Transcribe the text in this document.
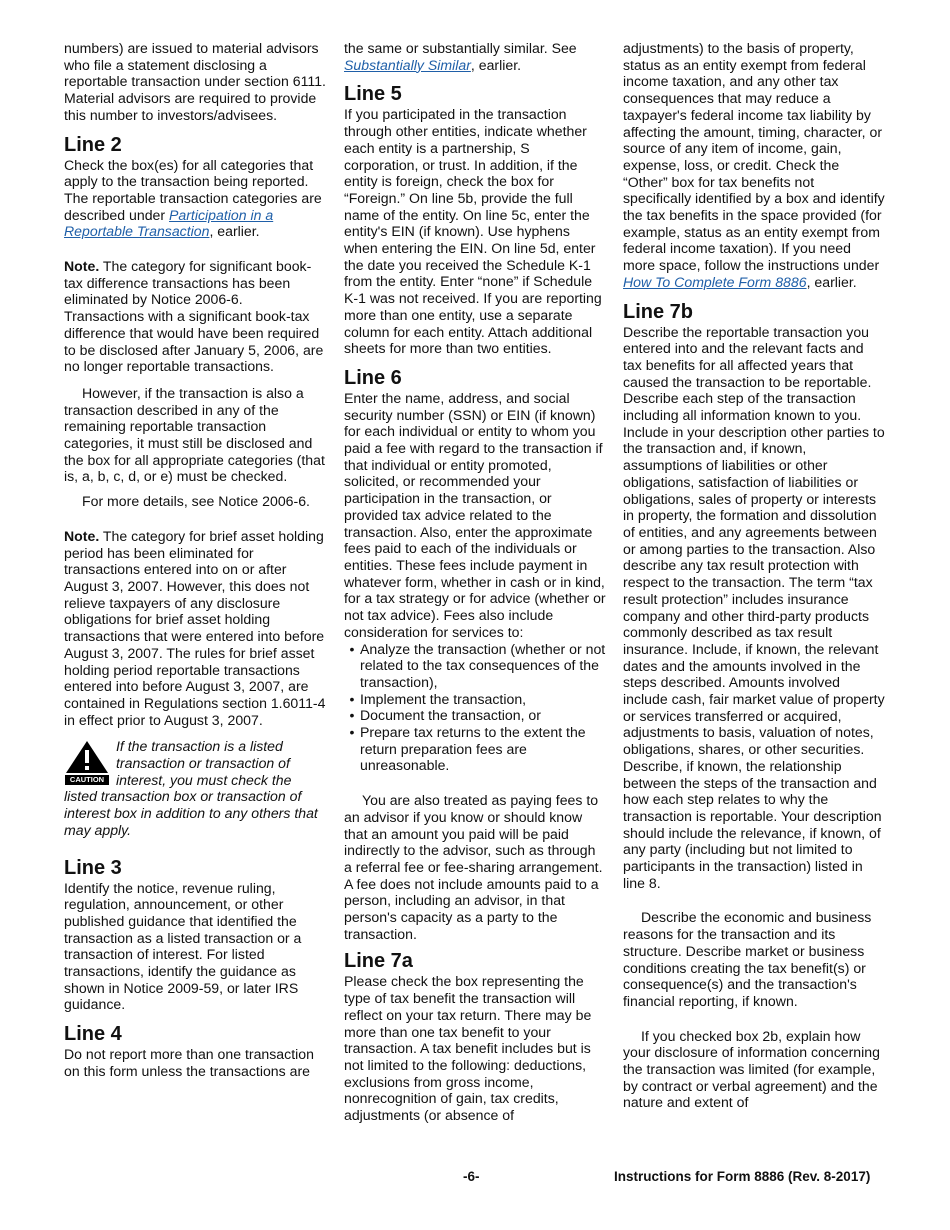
numbers) are issued to material advisors who file a statement disclosing a reportable transaction under section 6111. Material advisors are required to provide this number to investors/advisees.

Line 2

Check the box(es) for all categories that apply to the transaction being reported. The reportable transaction categories are described under Participation in a Reportable Transaction, earlier.

Note. The category for significant book-tax difference transactions has been eliminated by Notice 2006-6. Transactions with a significant book-tax difference that would have been required to be disclosed after January 5, 2006, are no longer reportable transactions.

However, if the transaction is also a transaction described in any of the remaining reportable transaction categories, it must still be disclosed and the box for all appropriate categories (that is, a, b, c, d, or e) must be checked.

For more details, see Notice 2006-6.

Note. The category for brief asset holding period has been eliminated for transactions entered into on or after August 3, 2007. However, this does not relieve taxpayers of any disclosure obligations for brief asset holding transactions that were entered into before August 3, 2007. The rules for brief asset holding period reportable transactions entered into before August 3, 2007, are contained in Regulations section 1.6011-4 in effect prior to August 3, 2007.

CAUTION
If the transaction is a listed transaction or transaction of interest, you must check the listed transaction box or transaction of interest box in addition to any others that may apply.
Line 3

Identify the notice, revenue ruling, regulation, announcement, or other published guidance that identified the transaction as a listed transaction or a transaction of interest. For listed transactions, identify the guidance as shown in Notice 2009-59, or later IRS guidance.

Line 4

Do not report more than one transaction on this form unless the transactions are

the same or substantially similar. See Substantially Similar, earlier.

Line 5

If you participated in the transaction through other entities, indicate whether each entity is a partnership, S corporation, or trust. In addition, if the entity is foreign, check the box for “Foreign.” On line 5b, provide the full name of the entity. On line 5c, enter the entity's EIN (if known). Use hyphens when entering the EIN. On line 5d, enter the date you received the Schedule K-1 from the entity. Enter “none” if Schedule K-1 was not received. If you are reporting more than one entity, use a separate column for each entity. Attach additional sheets for more than two entities.

Line 6

Enter the name, address, and social security number (SSN) or EIN (if known) for each individual or entity to whom you paid a fee with regard to the transaction if that individual or entity promoted, solicited, or recommended your participation in the transaction, or provided tax advice related to the transaction. Also, enter the approximate fees paid to each of the individuals or entities. These fees include payment in whatever form, whether in cash or in kind, for a tax strategy or for advice (whether or not tax advice). Fees also include consideration for services to:

• Analyze the transaction (whether or not related to the tax consequences of the transaction),
• Implement the transaction,
• Document the transaction, or
• Prepare tax returns to the extent the return preparation fees are unreasonable.

You are also treated as paying fees to an advisor if you know or should know that an amount you paid will be paid indirectly to the advisor, such as through a referral fee or fee-sharing arrangement. A fee does not include amounts paid to a person, including an advisor, in that person's capacity as a party to the transaction.

Line 7a

Please check the box representing the type of tax benefit the transaction will reflect on your tax return. There may be more than one tax benefit to your transaction. A tax benefit includes but is not limited to the following: deductions, exclusions from gross income, nonrecognition of gain, tax credits, adjustments (or absence of

adjustments) to the basis of property, status as an entity exempt from federal income taxation, and any other tax consequences that may reduce a taxpayer's federal income tax liability by affecting the amount, timing, character, or source of any item of income, gain, expense, loss, or credit. Check the “Other” box for tax benefits not specifically identified by a box and identify the tax benefits in the space provided (for example, status as an entity exempt from federal income taxation). If you need more space, follow the instructions under How To Complete Form 8886, earlier.

Line 7b

Describe the reportable transaction you entered into and the relevant facts and tax benefits for all affected years that caused the transaction to be reportable. Describe each step of the transaction including all information known to you. Include in your description other parties to the transaction and, if known, assumptions of liabilities or other obligations, satisfaction of liabilities or obligations, sales of property or interests in property, the formation and dissolution of entities, and any agreements between or among parties to the transaction. Also describe any tax result protection with respect to the transaction. The term “tax result protection” includes insurance company and other third-party products commonly described as tax result insurance. Include, if known, the relevant dates and the amounts involved in the steps described. Amounts involved include cash, fair market value of property or services transferred or acquired, adjustments to basis, valuation of notes, obligations, shares, or other securities. Describe, if known, the relationship between the steps of the transaction and how each step relates to why the transaction is reportable. Your description should include the relevance, if known, of any party (including but not limited to participants in the transaction) listed in line 8.

Describe the economic and business reasons for the transaction and its structure. Describe market or business conditions creating the tax benefit(s) or consequence(s) and the transaction's financial reporting, if known.

If you checked box 2b, explain how your disclosure of information concerning the transaction was limited (for example, by contract or verbal agreement) and the nature and extent of

-6-	Instructions for Form 8886 (Rev. 8-2017)
